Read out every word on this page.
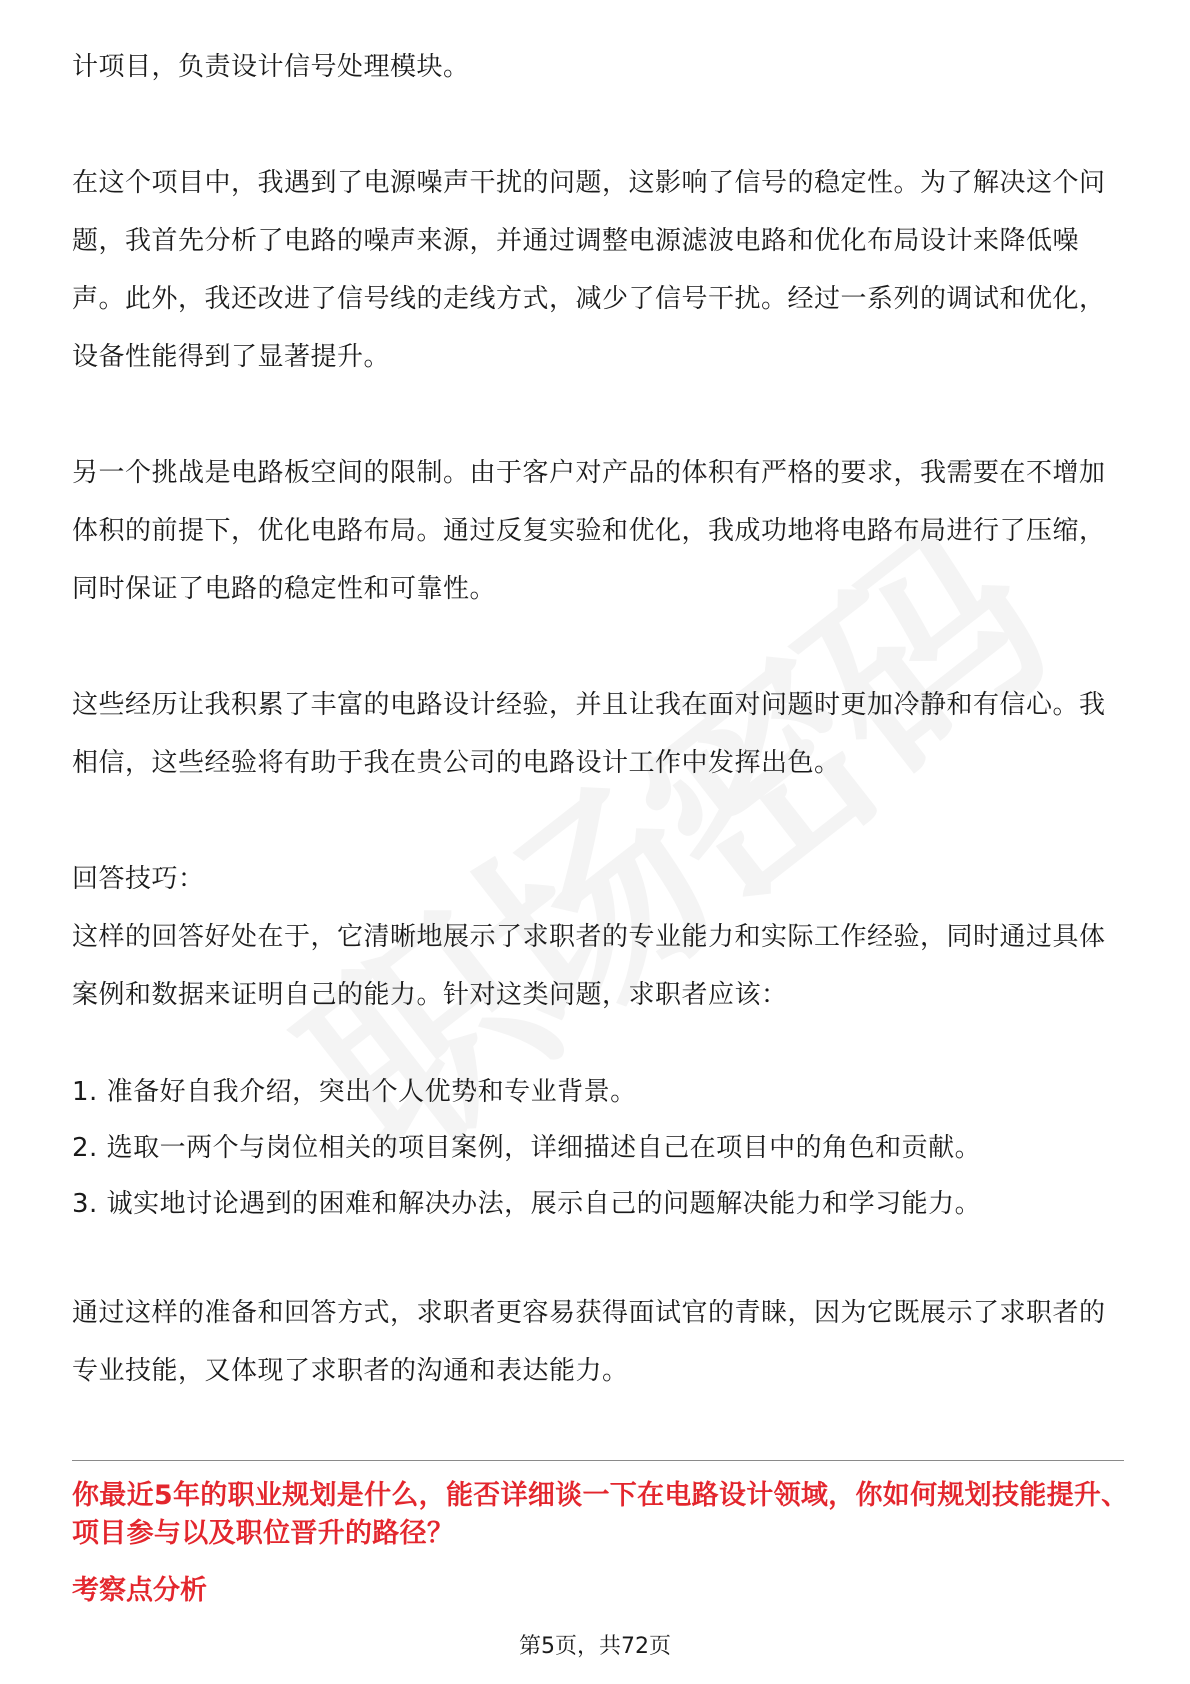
计项目，负责设计信号处理模块。

在这个项目中，我遇到了电源噪声干扰的问题，这影响了信号的稳定性。为了解决这个问题，我首先分析了电路的噪声来源，并通过调整电源滤波电路和优化布局设计来降低噪声。此外，我还改进了信号线的走线方式，减少了信号干扰。经过一系列的调试和优化，设备性能得到了显著提升。

另一个挑战是电路板空间的限制。由于客户对产品的体积有严格的要求，我需要在不增加体积的前提下，优化电路布局。通过反复实验和优化，我成功地将电路布局进行了压缩，同时保证了电路的稳定性和可靠性。

这些经历让我积累了丰富的电路设计经验，并且让我在面对问题时更加冷静和有信心。我相信，这些经验将有助于我在贵公司的电路设计工作中发挥出色。

回答技巧：

这样的回答好处在于，它清晰地展示了求职者的专业能力和实际工作经验，同时通过具体案例和数据来证明自己的能力。针对这类问题，求职者应该：

1. 准备好自我介绍，突出个人优势和专业背景。

2. 选取一两个与岗位相关的项目案例，详细描述自己在项目中的角色和贡献。

3. 诚实地讨论遇到的困难和解决办法，展示自己的问题解决能力和学习能力。

通过这样的准备和回答方式，求职者更容易获得面试官的青睐，因为它既展示了求职者的专业技能，又体现了求职者的沟通和表达能力。

你最近5年的职业规划是什么，能否详细谈一下在电路设计领域，你如何规划技能提升、项目参与以及职位晋升的路径？

考察点分析

第5页，共72页
